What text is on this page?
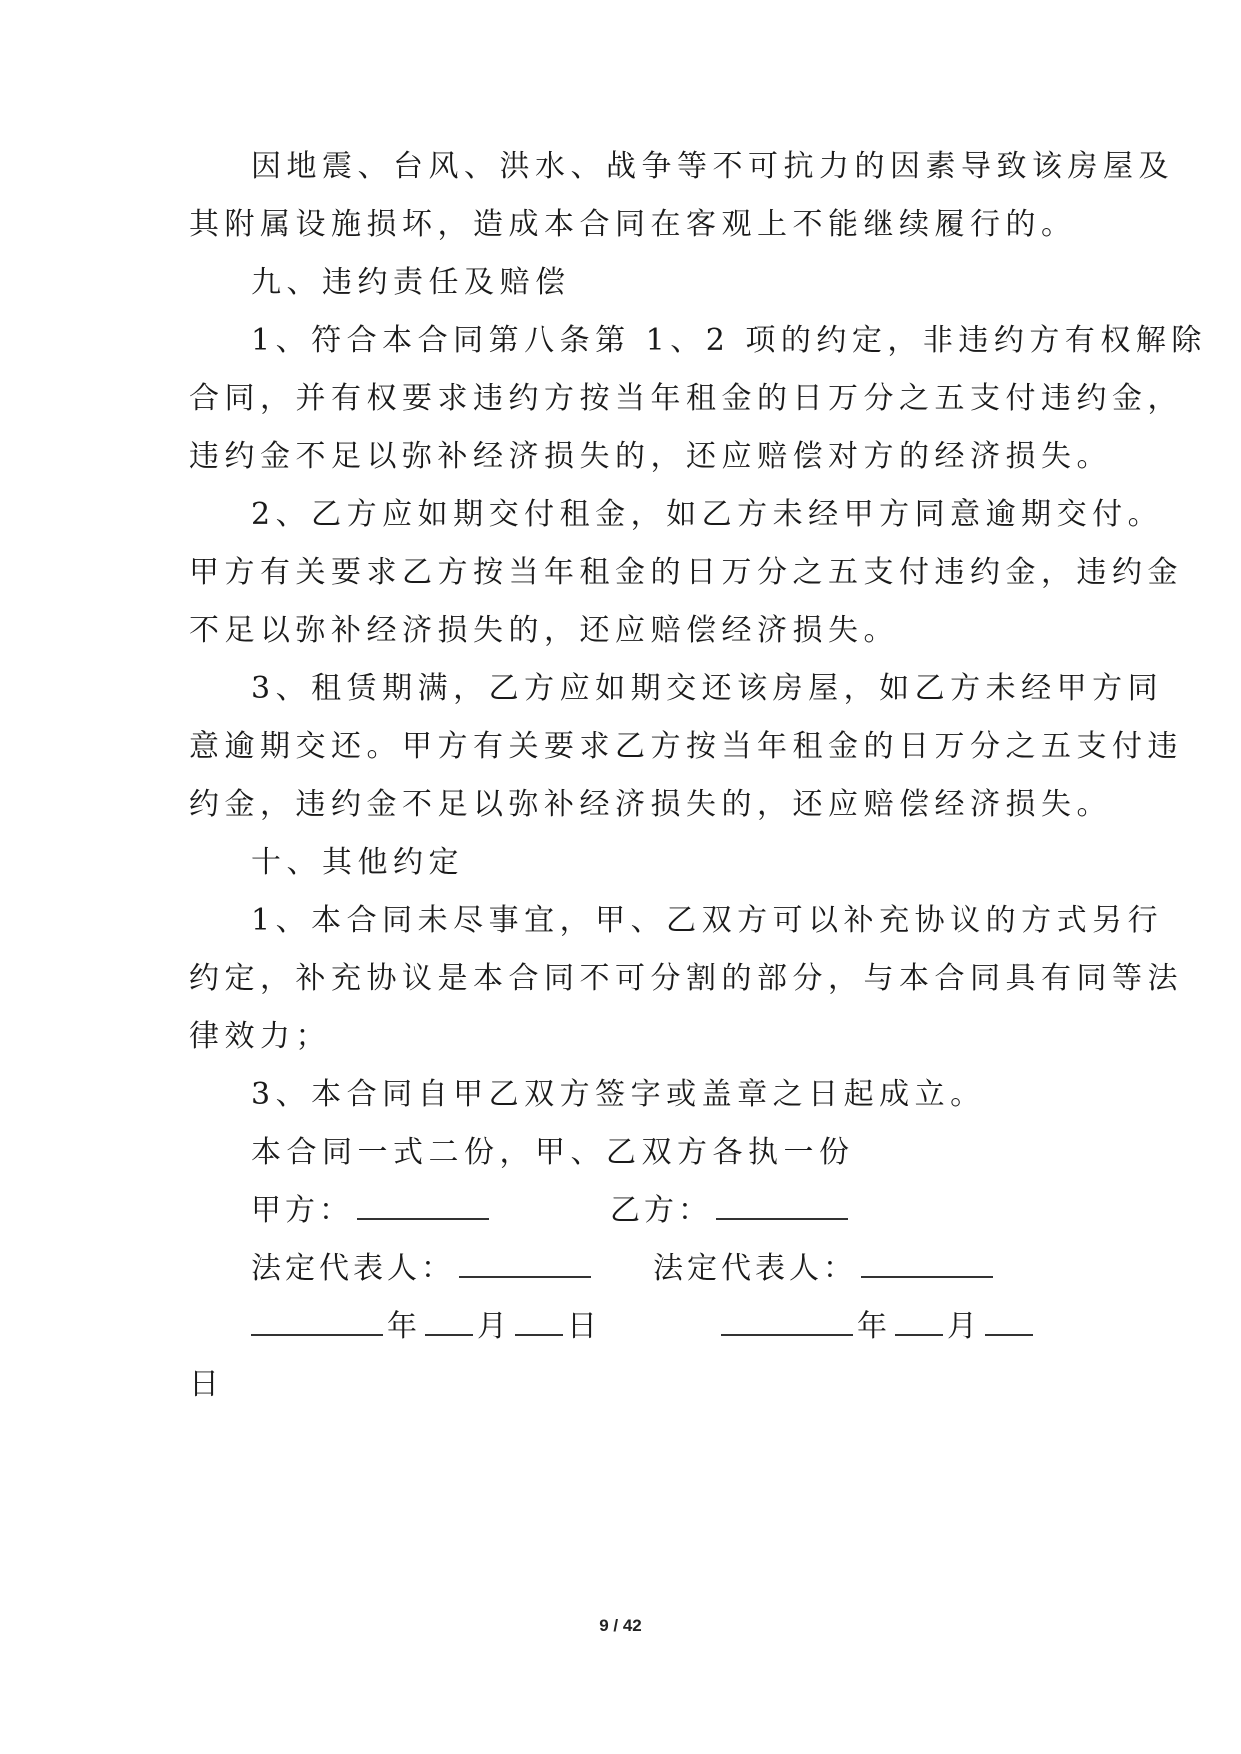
因地震、台风、洪水、战争等不可抗力的因素导致该房屋及
其附属设施损坏，造成本合同在客观上不能继续履行的。
九、违约责任及赔偿
1、符合本合同第八条第 1、2 项的约定，非违约方有权解除
合同，并有权要求违约方按当年租金的日万分之五支付违约金，
违约金不足以弥补经济损失的，还应赔偿对方的经济损失。
2、乙方应如期交付租金，如乙方未经甲方同意逾期交付。
甲方有关要求乙方按当年租金的日万分之五支付违约金，违约金
不足以弥补经济损失的，还应赔偿经济损失。
3、租赁期满，乙方应如期交还该房屋，如乙方未经甲方同
意逾期交还。甲方有关要求乙方按当年租金的日万分之五支付违
约金，违约金不足以弥补经济损失的，还应赔偿经济损失。
十、其他约定
1、本合同未尽事宜，甲、乙双方可以补充协议的方式另行
约定，补充协议是本合同不可分割的部分，与本合同具有同等法
律效力；
3、本合同自甲乙双方签字或盖章之日起成立。
本合同一式二份，甲、乙双方各执一份
甲方：	乙方：
法定代表人：	法定代表人：
年 月 日	年 月
日
9 / 42
